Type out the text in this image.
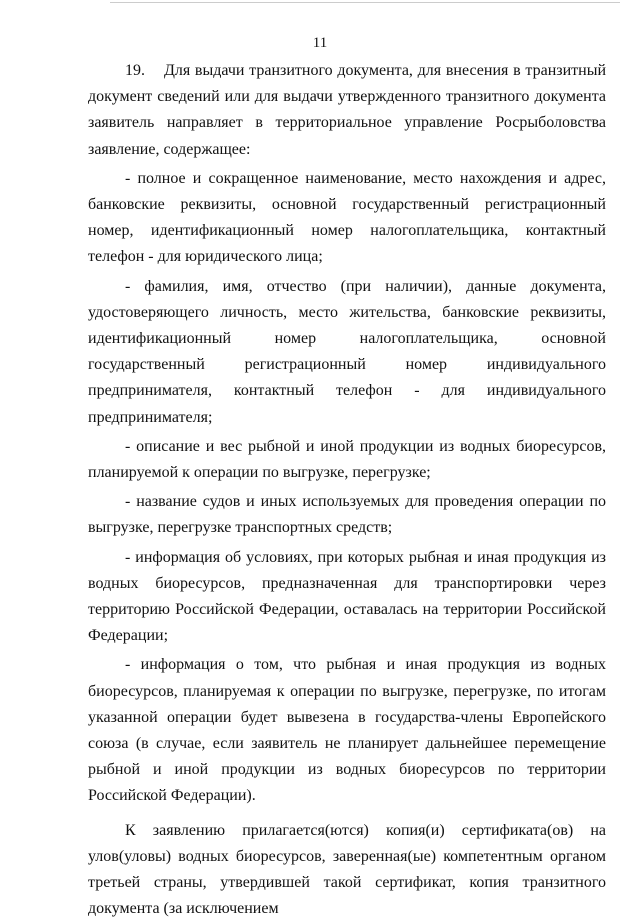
11

19.    Для выдачи транзитного документа, для внесения в транзитный документ сведений или для выдачи утвержденного транзитного документа заявитель направляет в территориальное управление Росрыболовства заявление, содержащее:

- полное и сокращенное наименование, место нахождения и адрес, банковские реквизиты, основной государственный регистрационный номер, идентификационный номер налогоплательщика, контактный телефон - для юридического лица;

- фамилия, имя, отчество (при наличии), данные документа, удостоверяющего личность, место жительства, банковские реквизиты, идентификационный номер налогоплательщика, основной государственный регистрационный номер индивидуального предпринимателя, контактный телефон - для индивидуального предпринимателя;

- описание и вес рыбной и иной продукции из водных биоресурсов, планируемой к операции по выгрузке, перегрузке;

- название судов и иных используемых для проведения операции по выгрузке, перегрузке транспортных средств;

- информация об условиях, при которых рыбная и иная продукция из водных биоресурсов, предназначенная для транспортировки через территорию Российской Федерации, оставалась на территории Российской Федерации;

- информация о том, что рыбная и иная продукция из водных биоресурсов, планируемая к операции по выгрузке, перегрузке, по итогам указанной операции будет вывезена в государства-члены Европейского союза (в случае, если заявитель не планирует дальнейшее перемещение рыбной и иной продукции из водных биоресурсов по территории Российской Федерации).

К заявлению прилагается(ются) копия(и) сертификата(ов) на улов(уловы) водных биоресурсов, заверенная(ые) компетентным органом третьей страны, утвердившей такой сертификат, копия транзитного документа (за исключением
